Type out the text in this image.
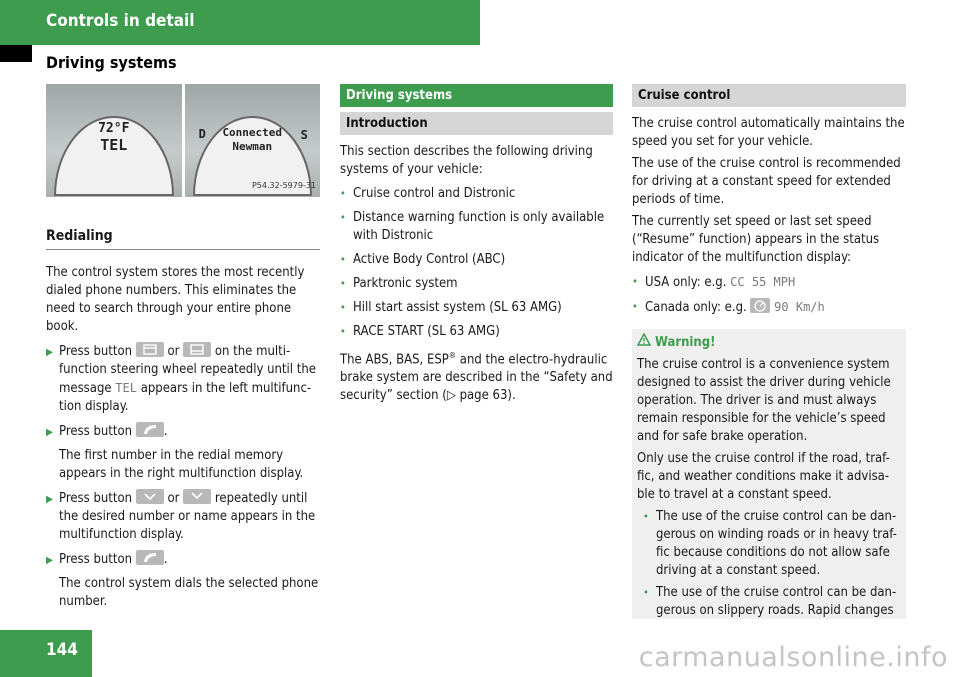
Controls in detail
Driving systems
72°F
TEL
D	S
Connected
Newman
P54.32-5979-31
Redialing

The control system stores the most recently dialed phone numbers. This eliminates the need to search through your entire phone book.

▶ Press button	or	on the multi-function steering wheel repeatedly until the message TEL appears in the left multifunc-tion display.
▶ Press button .
The first number in the redial memory appears in the right multifunction display.
▶ Press button	or	repeatedly until the desired number or name appears in the multifunction display.
▶ Press button .
The control system dials the selected phone number.
Driving systems
Introduction

This section describes the following driving systems of your vehicle:

• Cruise control and Distronic
• Distance warning function is only available with Distronic
• Active Body Control (ABC)
• Parktronic system
• Hill start assist system (SL 63 AMG)
• RACE START (SL 63 AMG)

The ABS, BAS, ESP® and the electro-hydraulic brake system are described in the “Safety and security” section (▷ page 63).

Cruise control

The cruise control automatically maintains the speed you set for your vehicle.

The use of the cruise control is recommended for driving at a constant speed for extended periods of time.

The currently set speed or last set speed (“Resume” function) appears in the status indicator of the multifunction display:

• USA only: e.g. CC 55 MPH
• Canada only: e.g. 90 Km/h
Warning!

The cruise control is a convenience system designed to assist the driver during vehicle operation. The driver is and must always remain responsible for the vehicle’s speed and for safe brake operation.

Only use the cruise control if the road, traf-fic, and weather conditions make it advisa-ble to travel at a constant speed.

• The use of the cruise control can be dan-gerous on winding roads or in heavy traf-fic because conditions do not allow safe driving at a constant speed.
• The use of the cruise control can be dan-gerous on slippery roads. Rapid changes
144	carmanualsonline.info
